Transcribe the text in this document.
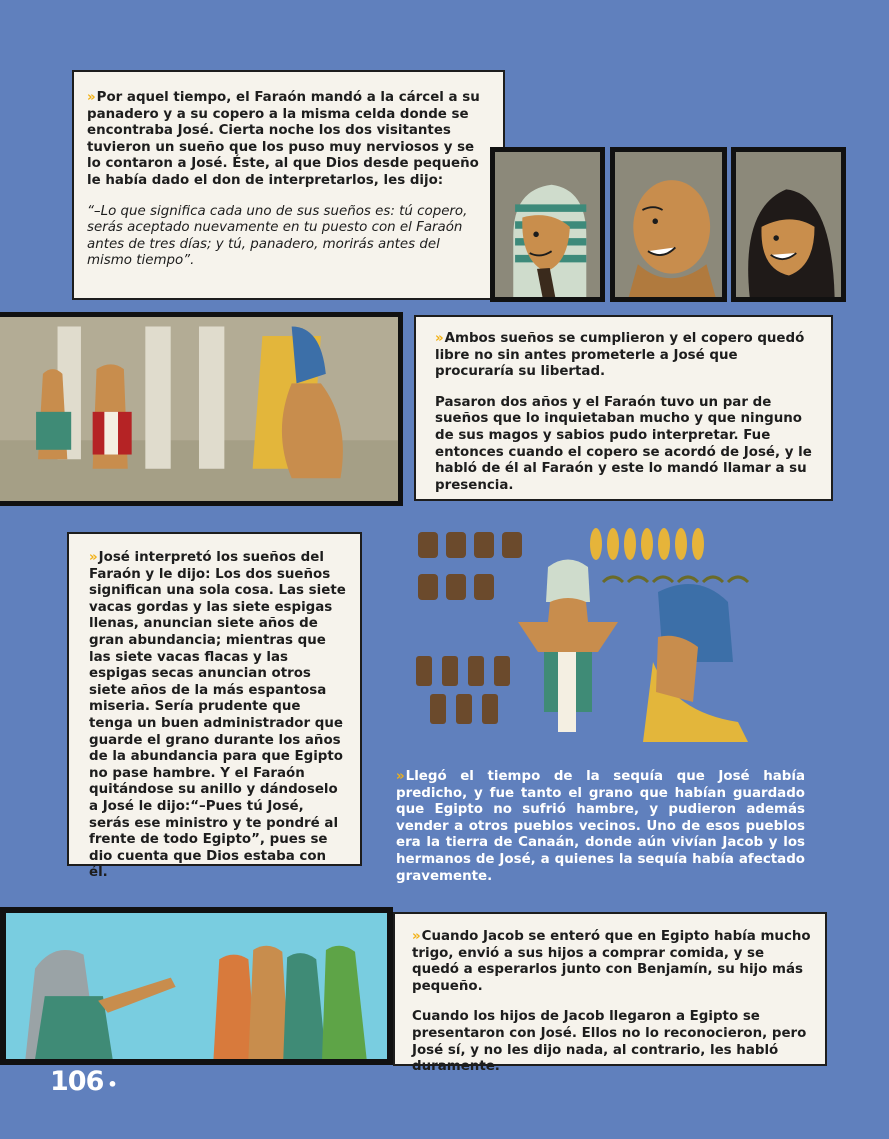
» Por aquel tiempo, el Faraón mandó a la cárcel a su panadero y a su copero a la misma celda donde se encontraba José. Cierta noche los dos visitantes tuvieron un sueño que los puso muy nerviosos y se lo contaron a José. Éste, al que Dios desde pequeño le había dado el don de interpretarlos, les dijo:

“–Lo que significa cada uno de sus sueños es: tú copero, serás aceptado nuevamente en tu puesto con el Faraón antes de tres días; y tú, panadero, morirás antes del mismo tiempo”.

» Ambos sueños se cumplieron y el copero quedó libre no sin antes prometerle a José que procuraría su libertad.

Pasaron dos años y el Faraón tuvo un par de sueños que lo inquietaban mucho y que ninguno de sus magos y sabios pudo interpretar. Fue entonces cuando el copero se acordó de José, y le habló de él al Faraón y este lo mandó llamar a su presencia.

» José interpretó los sueños del Faraón y le dijo: Los dos sueños significan una sola cosa. Las siete vacas gordas y las siete espigas llenas, anuncian siete años de gran abundancia; mientras que las siete vacas flacas y las espigas secas anuncian otros siete años de la más espantosa miseria. Sería prudente que tenga un buen administrador que guarde el grano durante los años de la abundancia para que Egipto no pase hambre. Y el Faraón quitándose su anillo y dándoselo a José le dijo:“–Pues tú José, serás ese ministro y te pondré al frente de todo Egipto”, pues se dio cuenta que Dios estaba con él.

» Llegó el tiempo de la sequía que José había predicho, y fue tanto el grano que habían guardado que Egipto no sufrió hambre, y pudieron además vender a otros pueblos vecinos. Uno de esos pueblos era la tierra de Canaán, donde aún vivían Jacob y los hermanos de José, a quienes la sequía había afectado gravemente.

» Cuando Jacob se enteró que en Egipto había mucho trigo, envió a sus hijos a comprar comida, y se quedó a esperarlos junto con Benjamín, su hijo más pequeño.

Cuando los hijos de Jacob llegaron a Egipto se presentaron con José. Ellos no lo reconocieron, pero José sí, y no les dijo nada, al contrario, les habló duramente.

106 •
